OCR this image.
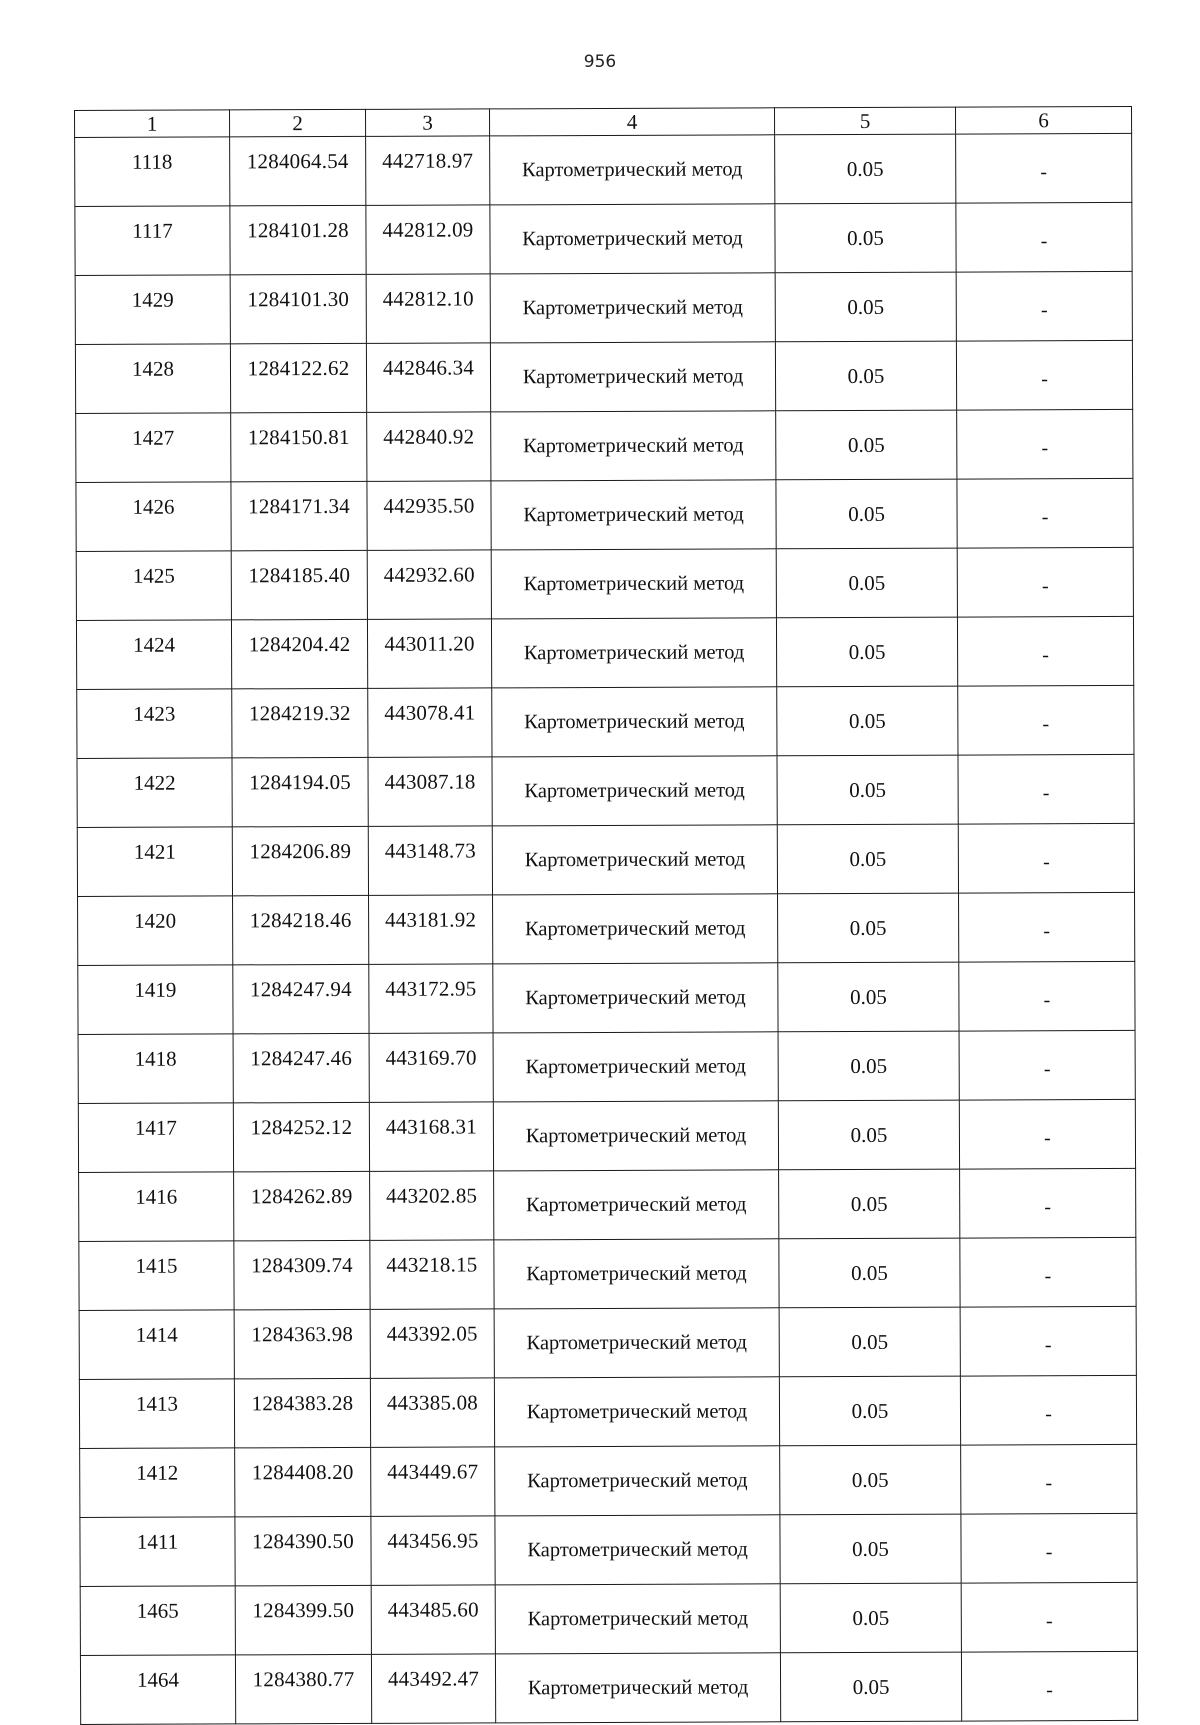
956
1	2	3	4	5	6
1118	1284064.54	442718.97	Картометрический метод	0.05	-
1117	1284101.28	442812.09	Картометрический метод	0.05	-
1429	1284101.30	442812.10	Картометрический метод	0.05	-
1428	1284122.62	442846.34	Картометрический метод	0.05	-
1427	1284150.81	442840.92	Картометрический метод	0.05	-
1426	1284171.34	442935.50	Картометрический метод	0.05	-
1425	1284185.40	442932.60	Картометрический метод	0.05	-
1424	1284204.42	443011.20	Картометрический метод	0.05	-
1423	1284219.32	443078.41	Картометрический метод	0.05	-
1422	1284194.05	443087.18	Картометрический метод	0.05	-
1421	1284206.89	443148.73	Картометрический метод	0.05	-
1420	1284218.46	443181.92	Картометрический метод	0.05	-
1419	1284247.94	443172.95	Картометрический метод	0.05	-
1418	1284247.46	443169.70	Картометрический метод	0.05	-
1417	1284252.12	443168.31	Картометрический метод	0.05	-
1416	1284262.89	443202.85	Картометрический метод	0.05	-
1415	1284309.74	443218.15	Картометрический метод	0.05	-
1414	1284363.98	443392.05	Картометрический метод	0.05	-
1413	1284383.28	443385.08	Картометрический метод	0.05	-
1412	1284408.20	443449.67	Картометрический метод	0.05	-
1411	1284390.50	443456.95	Картометрический метод	0.05	-
1465	1284399.50	443485.60	Картометрический метод	0.05	-
1464	1284380.77	443492.47	Картометрический метод	0.05	-
